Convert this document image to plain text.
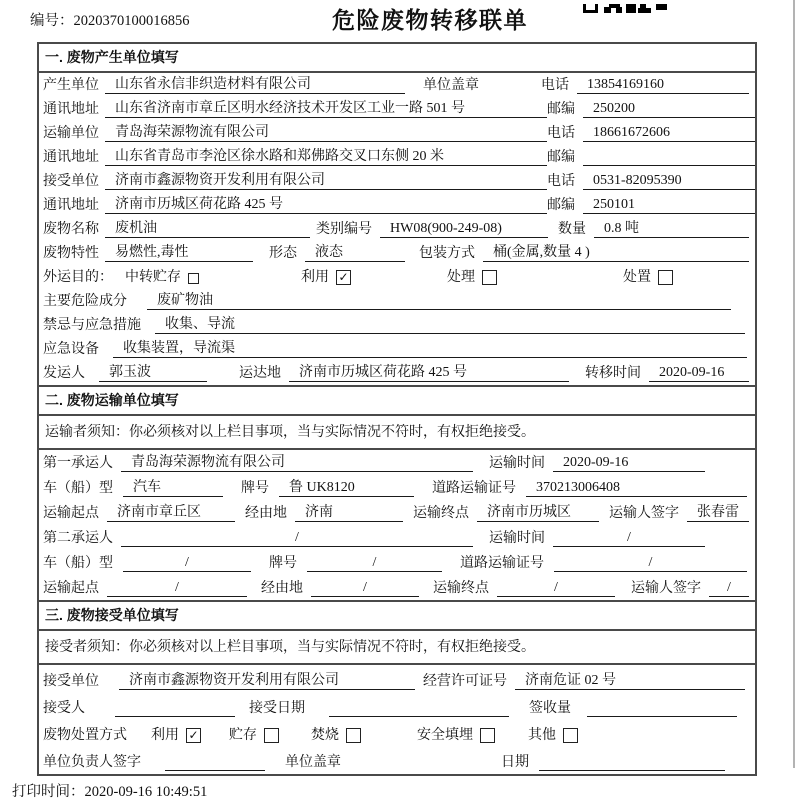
编号：2020370100016856	危险废物转移联单
一. 废物产生单位填写
产生单位	山东省永信非织造材料有限公司	单位盖章	电话	13854169160
通讯地址	山东省济南市章丘区明水经济技术开发区工业一路 501 号	邮编	250200
运输单位	青岛海荣源物流有限公司	电话	18661672606
通讯地址	山东省青岛市李沧区徐水路和郑佛路交叉口东侧 20 米	邮编
接受单位	济南市鑫源物资开发利用有限公司	电话	0531-82095390
通讯地址	济南市历城区荷花路 425 号	邮编	250101
废物名称	废机油	类别编号	HW08(900-249-08)	数量	0.8 吨
废物特性	易燃性,毒性	形态	液态	包装方式	桶(金属,数量 4 )
外运目的： 中转贮存	利用 ✓	处理	处置
主要危险成分	废矿物油
禁忌与应急措施	收集、导流
应急设备	收集装置，导流渠
发运人	郭玉波	运达地	济南市历城区荷花路 425 号	转移时间	2020-09-16
二. 废物运输单位填写
运输者须知：你必须核对以上栏目事项，当与实际情况不符时，有权拒绝接受。
第一承运人	青岛海荣源物流有限公司	运输时间	2020-09-16
车（船）型	汽车	牌号	鲁 UK8120	道路运输证号	370213006408
运输起点	济南市章丘区	经由地	济南	运输终点	济南市历城区	运输人签字	张春雷
第二承运人	/	运输时间	/
车（船）型	/	牌号	/	道路运输证号	/
运输起点	/	经由地	/	运输终点	/	运输人签字	/
三. 废物接受单位填写
接受者须知：你必须核对以上栏目事项，当与实际情况不符时，有权拒绝接受。
接受单位	济南市鑫源物资开发利用有限公司	经营许可证号	济南危证 02 号
接受人	接受日期	签收量
废物处置方式	利用 ✓ 贮存	焚烧	安全填埋	其他
单位负责人签字	单位盖章	日期
打印时间：2020-09-16 10:49:51
